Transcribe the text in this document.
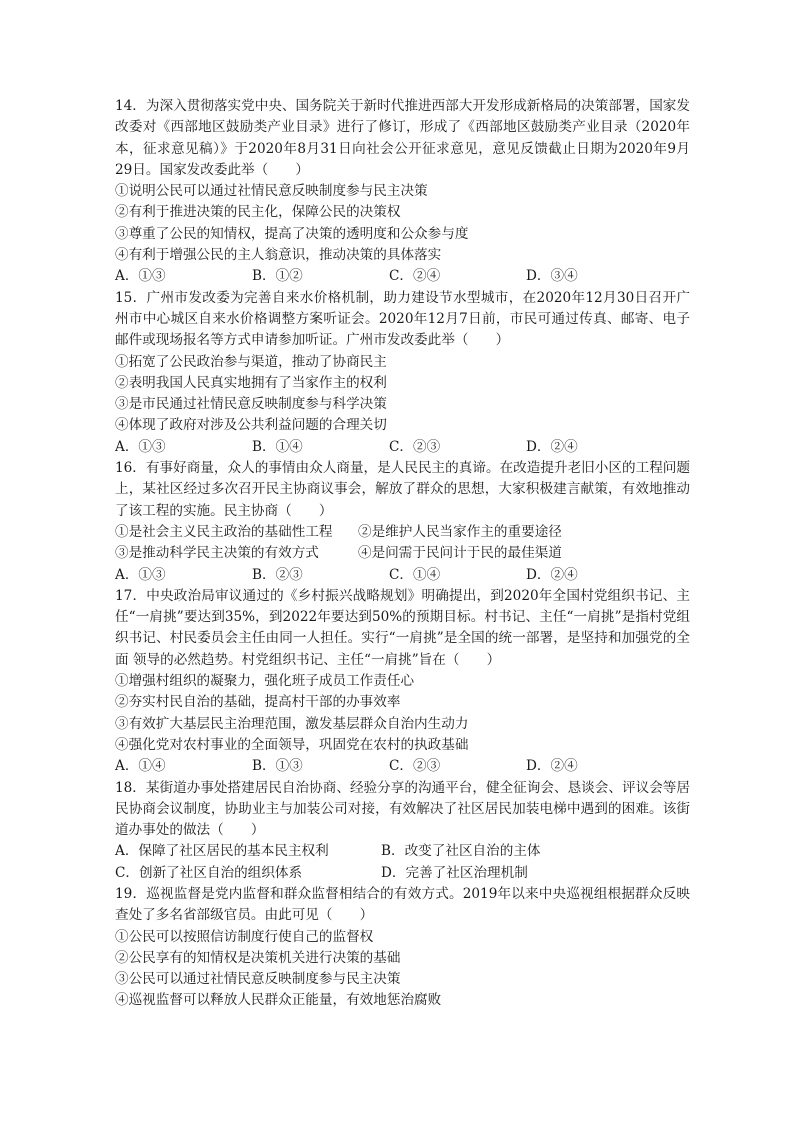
14．为深入贯彻落实党中央、国务院关于新时代推进西部大开发形成新格局的决策部署，国家发改委对《西部地区鼓励类产业目录》进行了修订，形成了《西部地区鼓励类产业目录（2020年本，征求意见稿）》于2020年8月31日向社会公开征求意见，意见反馈截止日期为2020年9月29日。国家发改委此举（　　）

①说明公民可以通过社情民意反映制度参与民主决策

②有利于推进决策的民主化，保障公民的决策权

③尊重了公民的知情权，提高了决策的透明度和公众参与度

④有利于增强公民的主人翁意识，推动决策的具体落实

A．①③	B．①②	C．②④	D．③④

15．广州市发改委为完善自来水价格机制，助力建设节水型城市，在2020年12月30日召开广州市中心城区自来水价格调整方案听证会。2020年12月7日前，市民可通过传真、邮寄、电子邮件或现场报名等方式申请参加听证。广州市发改委此举（　　）

①拓宽了公民政治参与渠道，推动了协商民主

②表明我国人民真实地拥有了当家作主的权利

③是市民通过社情民意反映制度参与科学决策

④体现了政府对涉及公共利益问题的合理关切

A．①③	B．①④	C．②③	D．②④

16．有事好商量，众人的事情由众人商量，是人民民主的真谛。在改造提升老旧小区的工程问题上，某社区经过多次召开民主协商议事会，解放了群众的思想，大家积极建言献策，有效地推动了该工程的实施。民主协商（　　）

①是社会主义民主政治的基础性工程	②是维护人民当家作主的重要途径
③是推动科学民主决策的有效方式	④是问需于民问计于民的最佳渠道
A．①③	B．②③	C．①④	D．②④

17．中央政治局审议通过的《乡村振兴战略规划》明确提出，到2020年全国村党组织书记、主任“一肩挑”要达到35%，到2022年要达到50%的预期目标。村书记、主任“一肩挑”是指村党组织书记、村民委员会主任由同一人担任。实行“一肩挑”是全国的统一部署，是坚持和加强党的全面 领导的必然趋势。村党组织书记、主任“一肩挑”旨在（　　）

①增强村组织的凝聚力，强化班子成员工作责任心

②夯实村民自治的基础，提高村干部的办事效率

③有效扩大基层民主治理范围，激发基层群众自治内生动力

④强化党对农村事业的全面领导，巩固党在农村的执政基础

A．①④	B．①③	C．②③	D．②④

18．某街道办事处搭建居民自治协商、经验分享的沟通平台，健全征询会、恳谈会、评议会等居民协商会议制度，协助业主与加装公司对接，有效解决了社区居民加装电梯中遇到的困难。该街道办事处的做法（　　）

A．保障了社区居民的基本民主权利	B．改变了社区自治的主体
C．创新了社区自治的组织体系	D．完善了社区治理机制

19．巡视监督是党内监督和群众监督相结合的有效方式。2019年以来中央巡视组根据群众反映查处了多名省部级官员。由此可见（　　）

①公民可以按照信访制度行使自己的监督权

②公民享有的知情权是决策机关进行决策的基础

③公民可以通过社情民意反映制度参与民主决策

④巡视监督可以释放人民群众正能量，有效地惩治腐败
